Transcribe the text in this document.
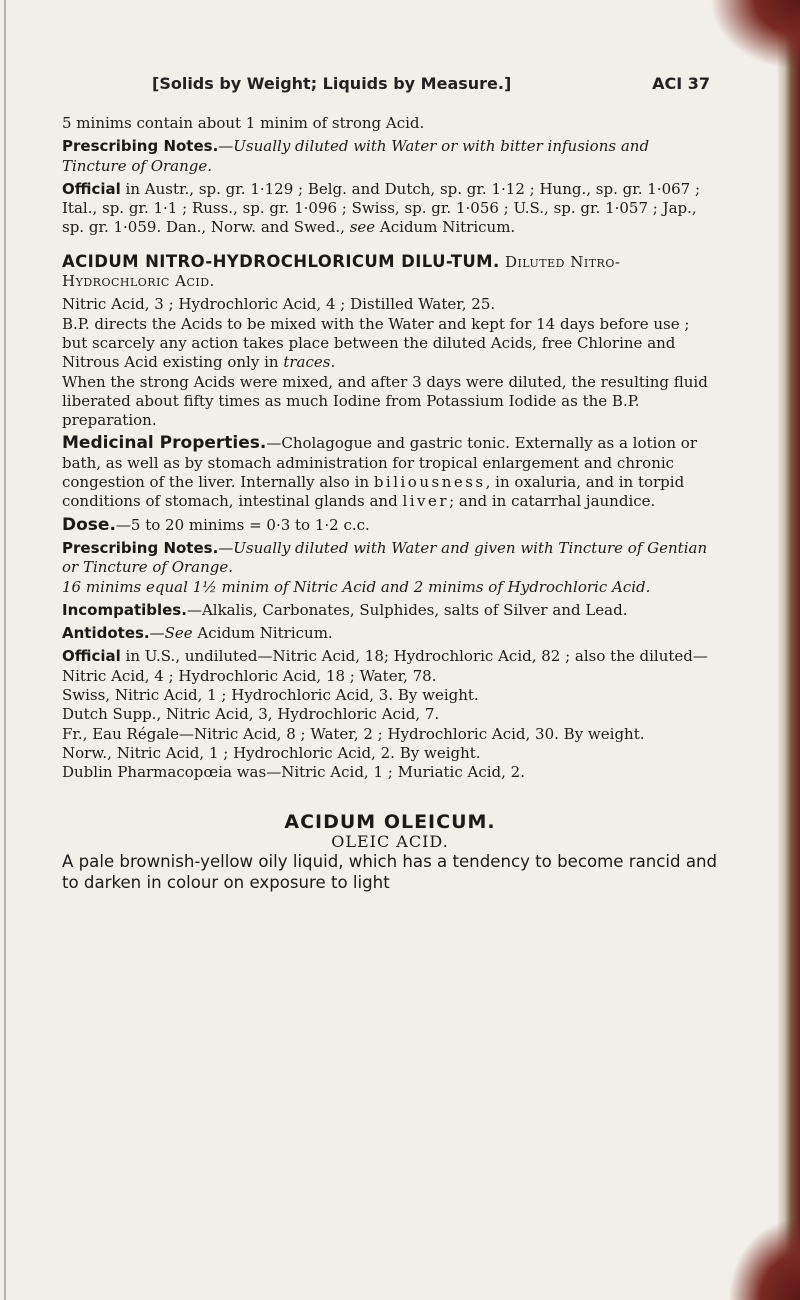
[Solids by Weight; Liquids by Measure.]	ACI 37

5 minims contain about 1 minim of strong Acid.

Prescribing Notes.—Usually diluted with Water or with bitter infusions and Tincture of Orange.

Official in Austr., sp. gr. 1·129 ; Belg. and Dutch, sp. gr. 1·12 ; Hung., sp. gr. 1·067 ; Ital., sp. gr. 1·1 ; Russ., sp. gr. 1·096 ; Swiss, sp. gr. 1·056 ; U.S., sp. gr. 1·057 ; Jap., sp. gr. 1·059. Dan., Norw. and Swed., see Acidum Nitricum.

ACIDUM NITRO-HYDROCHLORICUM DILU-TUM. Diluted Nitro-Hydrochloric Acid.

Nitric Acid, 3 ; Hydrochloric Acid, 4 ; Distilled Water, 25.

B.P. directs the Acids to be mixed with the Water and kept for 14 days before use ; but scarcely any action takes place between the diluted Acids, free Chlorine and Nitrous Acid existing only in traces.

When the strong Acids were mixed, and after 3 days were diluted, the resulting fluid liberated about fifty times as much Iodine from Potassium Iodide as the B.P. preparation.

Medicinal Properties.—Cholagogue and gastric tonic. Externally as a lotion or bath, as well as by stomach administration for tropical enlargement and chronic congestion of the liver. Internally also in biliousness, in oxaluria, and in torpid conditions of stomach, intestinal glands and liver; and in catarrhal jaundice.

Dose.—5 to 20 minims = 0·3 to 1·2 c.c.

Prescribing Notes.—Usually diluted with Water and given with Tincture of Gentian or Tincture of Orange.

16 minims equal 1½ minim of Nitric Acid and 2 minims of Hydrochloric Acid.

Incompatibles.—Alkalis, Carbonates, Sulphides, salts of Silver and Lead.

Antidotes.—See Acidum Nitricum.

Official in U.S., undiluted—Nitric Acid, 18; Hydrochloric Acid, 82 ; also the diluted—Nitric Acid, 4 ; Hydrochloric Acid, 18 ; Water, 78.

Swiss, Nitric Acid, 1 ; Hydrochloric Acid, 3. By weight.

Dutch Supp., Nitric Acid, 3, Hydrochloric Acid, 7.

Fr., Eau Régale—Nitric Acid, 8 ; Water, 2 ; Hydrochloric Acid, 30. By weight.

Norw., Nitric Acid, 1 ; Hydrochloric Acid, 2. By weight.

Dublin Pharmacopœia was—Nitric Acid, 1 ; Muriatic Acid, 2.

ACIDUM OLEICUM.

OLEIC ACID.

A pale brownish-yellow oily liquid, which has a tendency to become rancid and to darken in colour on exposure to light
